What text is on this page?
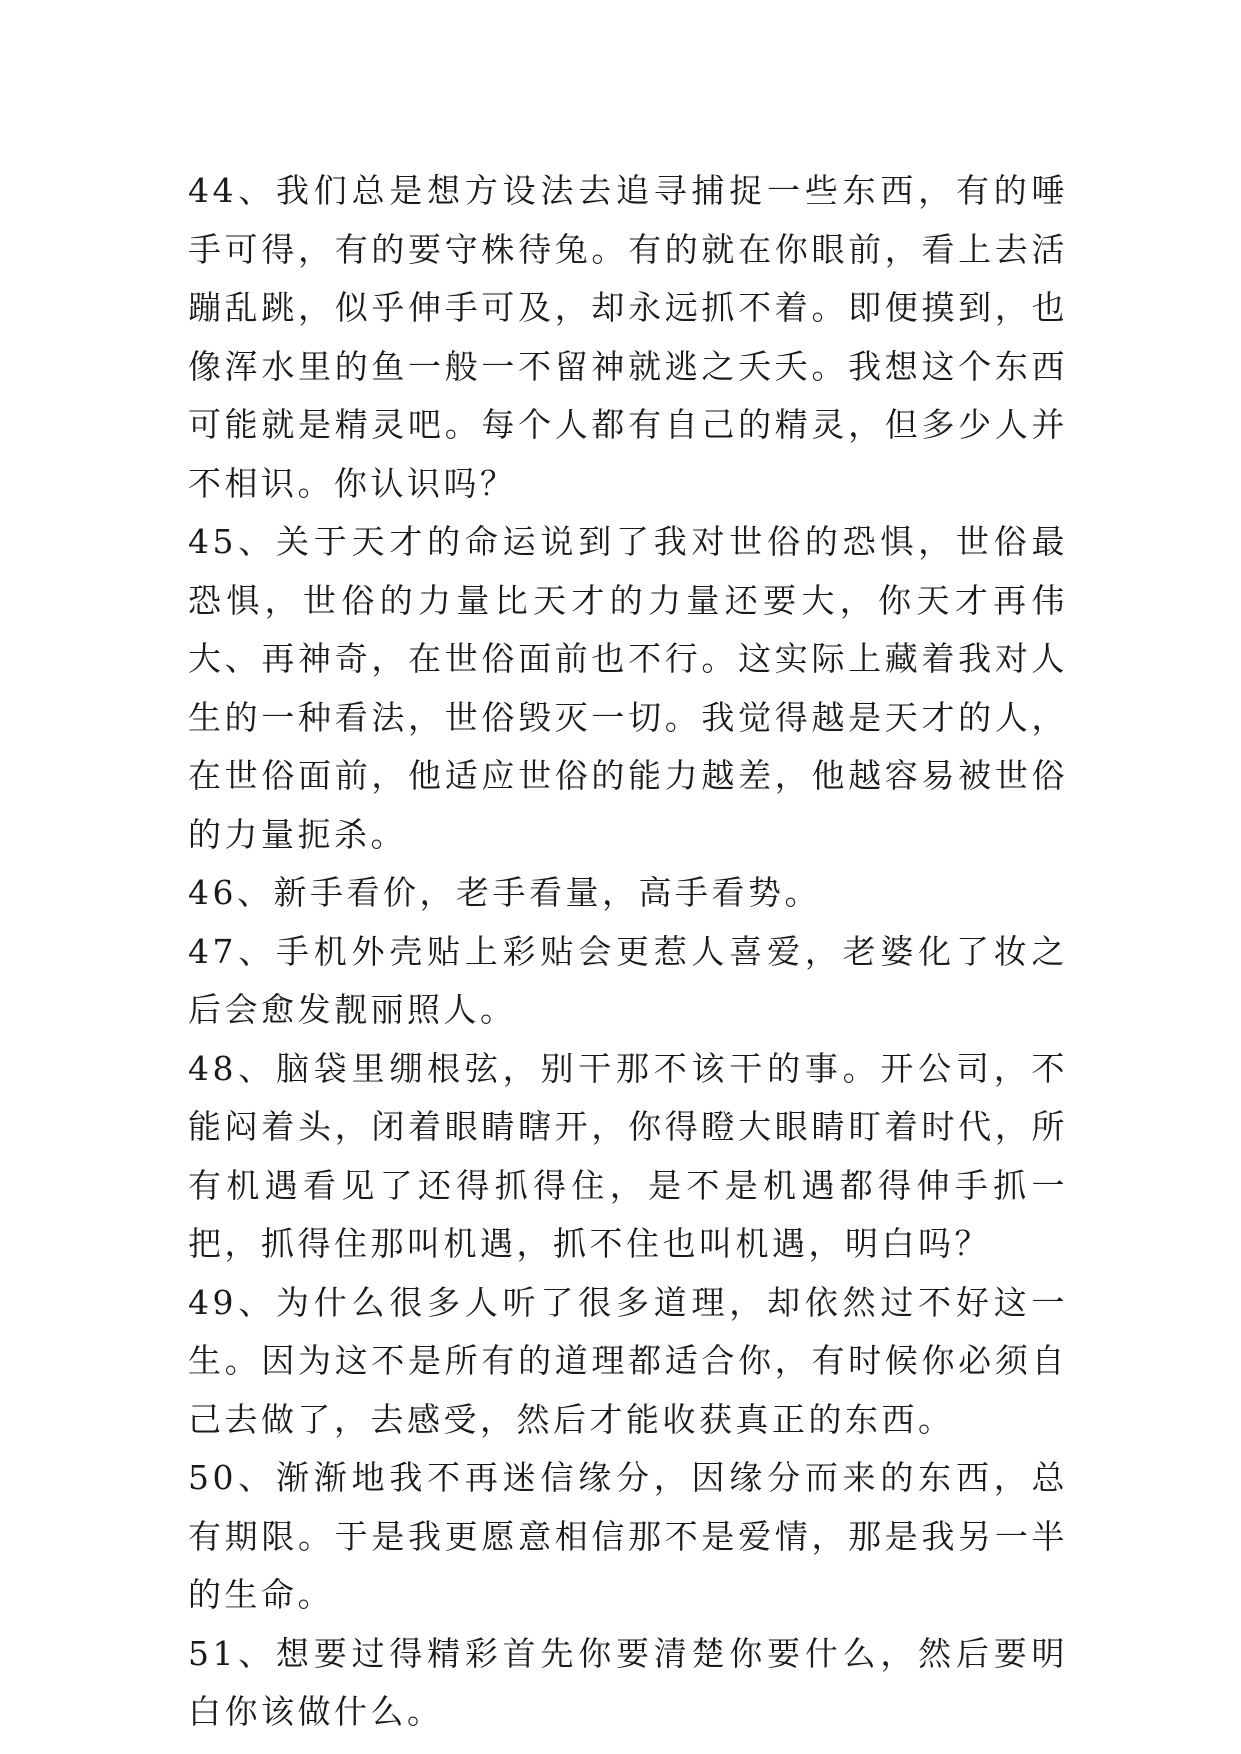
44、我们总是想方设法去追寻捕捉一些东西，有的唾手可得，有的要守株待兔。有的就在你眼前，看上去活蹦乱跳，似乎伸手可及，却永远抓不着。即便摸到，也像浑水里的鱼一般一不留神就逃之夭夭。我想这个东西可能就是精灵吧。每个人都有自己的精灵，但多少人并不相识。你认识吗？

45、关于天才的命运说到了我对世俗的恐惧，世俗最恐惧，世俗的力量比天才的力量还要大，你天才再伟大、再神奇，在世俗面前也不行。这实际上藏着我对人生的一种看法，世俗毁灭一切。我觉得越是天才的人，在世俗面前，他适应世俗的能力越差，他越容易被世俗的力量扼杀。

46、新手看价，老手看量，高手看势。

47、手机外壳贴上彩贴会更惹人喜爱，老婆化了妆之后会愈发靓丽照人。

48、脑袋里绷根弦，别干那不该干的事。开公司，不能闷着头，闭着眼睛瞎开，你得瞪大眼睛盯着时代，所有机遇看见了还得抓得住，是不是机遇都得伸手抓一把，抓得住那叫机遇，抓不住也叫机遇，明白吗？

49、为什么很多人听了很多道理，却依然过不好这一生。因为这不是所有的道理都适合你，有时候你必须自己去做了，去感受，然后才能收获真正的东西。

50、渐渐地我不再迷信缘分，因缘分而来的东西，总有期限。于是我更愿意相信那不是爱情，那是我另一半的生命。

51、想要过得精彩首先你要清楚你要什么，然后要明白你该做什么。
